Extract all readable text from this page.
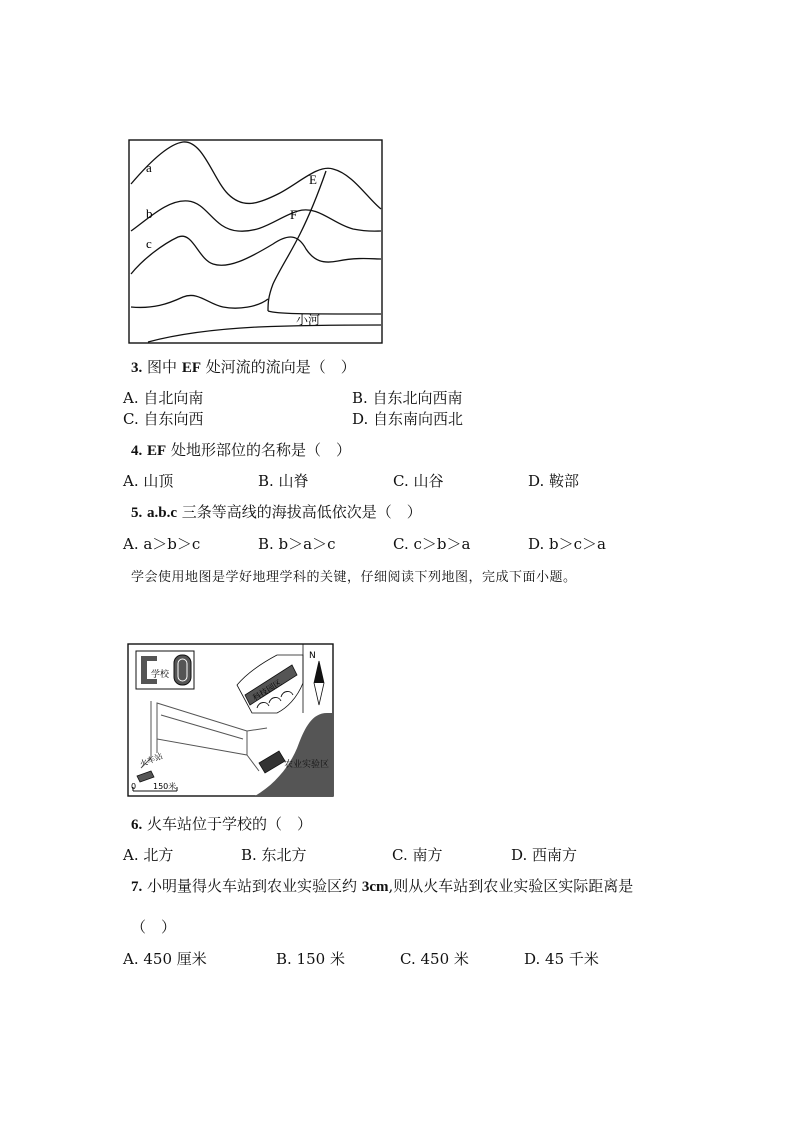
a
b
c
E
F
小河
3. 图中 EF 处河流的流向是（　）
A. 自北向南	B. 自东北向西南
C. 自东向西	D. 自东南向西北
4. EF 处地形部位的名称是（　）
A. 山顶	B. 山脊	C. 山谷	D. 鞍部
5. a.b.c 三条等高线的海拔高低依次是（　）
A. a＞b＞c	B. b＞a＞c	C. c＞b＞a	D. b＞c＞a
学会使用地图是学好地理学科的关键，仔细阅读下列地图，完成下面小题。
N
学校
科技园区
火车站	农业实验区
0 150米
6. 火车站位于学校的（　）
A. 北方	B. 东北方	C. 南方	D. 西南方
7. 小明量得火车站到农业实验区约 3cm,则从火车站到农业实验区实际距离是
（　）
A. 450 厘米	B. 150 米	C. 450 米	D. 45 千米
